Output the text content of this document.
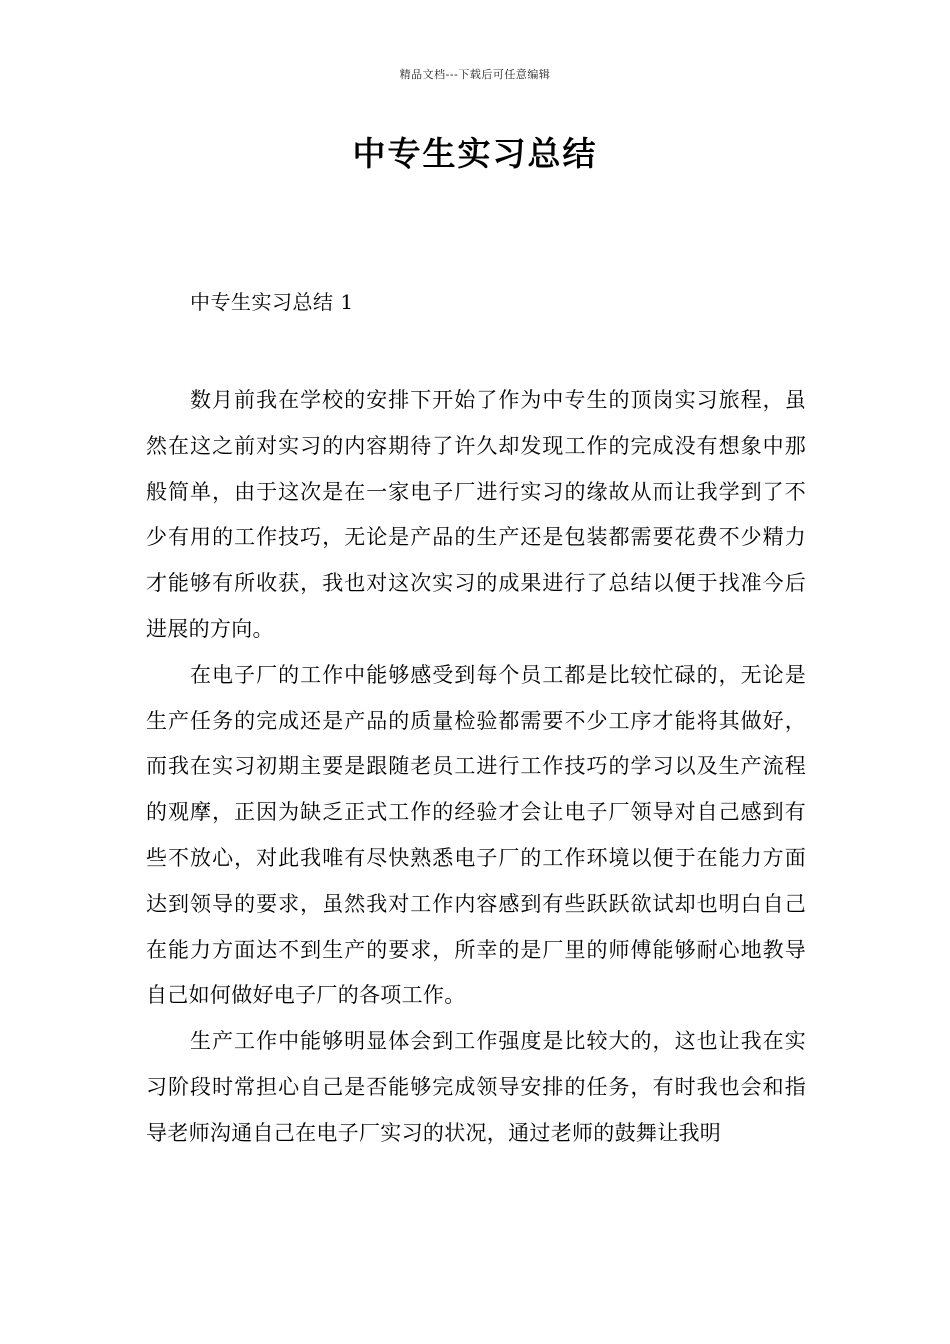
精品文档---下载后可任意编辑
中专生实习总结
中专生实习总结 1

数月前我在学校的安排下开始了作为中专生的顶岗实习旅程，虽然在这之前对实习的内容期待了许久却发现工作的完成没有想象中那般简单，由于这次是在一家电子厂进行实习的缘故从而让我学到了不少有用的工作技巧，无论是产品的生产还是包装都需要花费不少精力才能够有所收获，我也对这次实习的成果进行了总结以便于找准今后进展的方向。

在电子厂的工作中能够感受到每个员工都是比较忙碌的，无论是生产任务的完成还是产品的质量检验都需要不少工序才能将其做好，而我在实习初期主要是跟随老员工进行工作技巧的学习以及生产流程的观摩，正因为缺乏正式工作的经验才会让电子厂领导对自己感到有些不放心，对此我唯有尽快熟悉电子厂的工作环境以便于在能力方面达到领导的要求，虽然我对工作内容感到有些跃跃欲试却也明白自己在能力方面达不到生产的要求，所幸的是厂里的师傅能够耐心地教导自己如何做好电子厂的各项工作。

生产工作中能够明显体会到工作强度是比较大的，这也让我在实习阶段时常担心自己是否能够完成领导安排的任务，有时我也会和指导老师沟通自己在电子厂实习的状况，通过老师的鼓舞让我明
